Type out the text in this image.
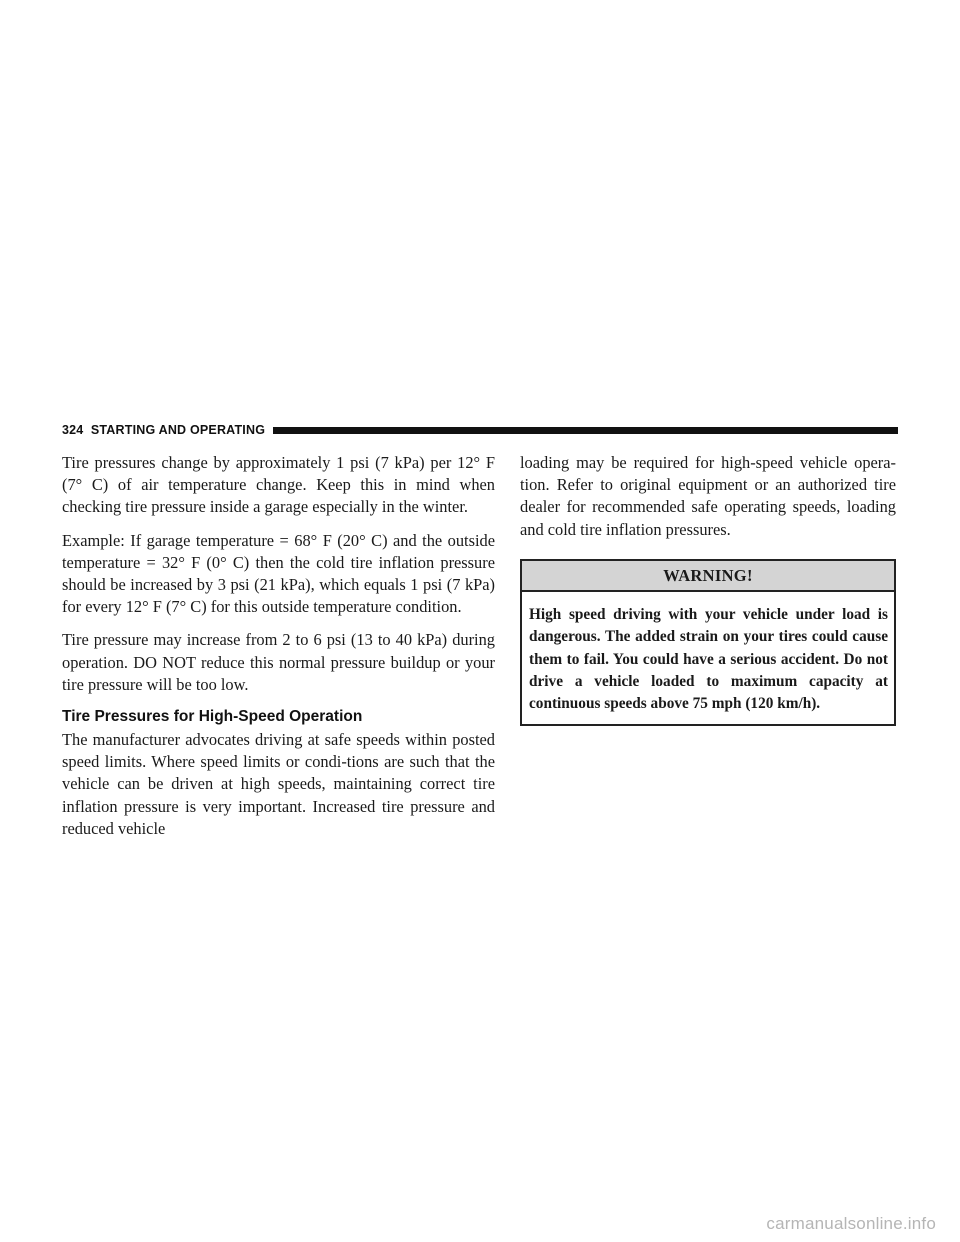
324 STARTING AND OPERATING

Tire pressures change by approximately 1 psi (7 kPa) per 12° F (7° C) of air temperature change. Keep this in mind when checking tire pressure inside a garage especially in the winter.

Example: If garage temperature = 68° F (20° C) and the outside temperature = 32° F (0° C) then the cold tire inflation pressure should be increased by 3 psi (21 kPa), which equals 1 psi (7 kPa) for every 12° F (7° C) for this outside temperature condition.

Tire pressure may increase from 2 to 6 psi (13 to 40 kPa) during operation. DO NOT reduce this normal pressure buildup or your tire pressure will be too low.

Tire Pressures for High-Speed Operation

The manufacturer advocates driving at safe speeds within posted speed limits. Where speed limits or condi-tions are such that the vehicle can be driven at high speeds, maintaining correct tire inflation pressure is very important. Increased tire pressure and reduced vehicle

loading may be required for high-speed vehicle opera-tion. Refer to original equipment or an authorized tire dealer for recommended safe operating speeds, loading and cold tire inflation pressures.

WARNING!
High speed driving with your vehicle under load is dangerous. The added strain on your tires could cause them to fail. You could have a serious accident. Do not drive a vehicle loaded to maximum capacity at continuous speeds above 75 mph (120 km/h).
carmanualsonline.info
